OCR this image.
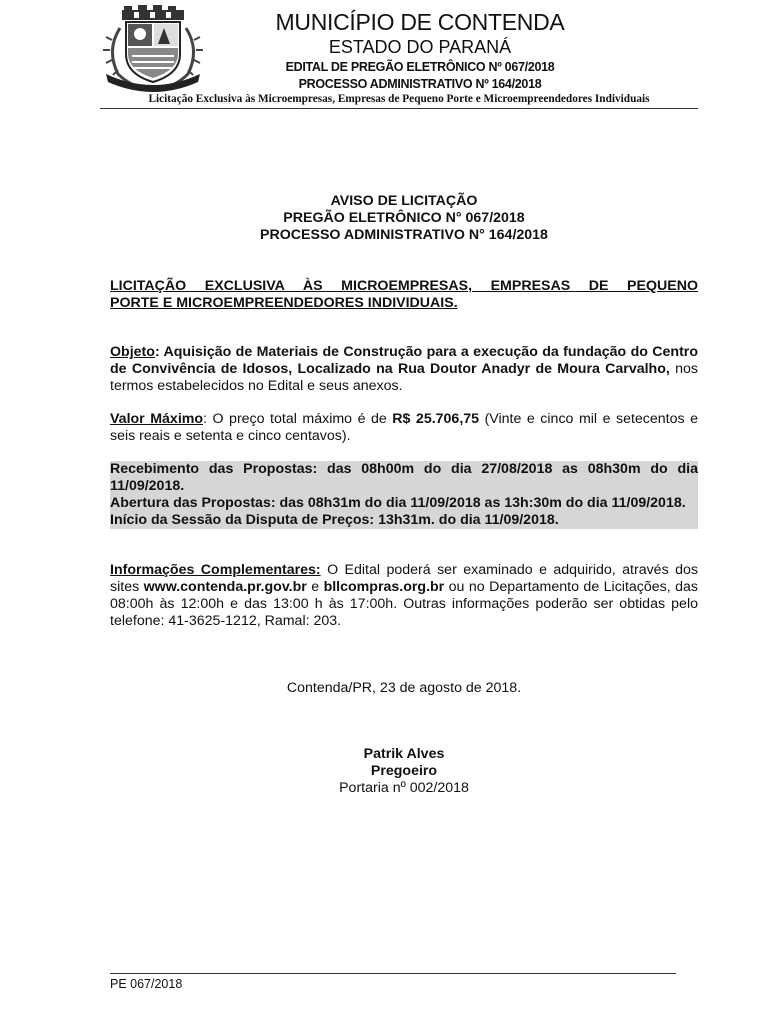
MUNICÍPIO DE CONTENDA
ESTADO DO PARANÁ
EDITAL DE PREGÃO ELETRÔNICO Nº 067/2018
PROCESSO ADMINISTRATIVO Nº 164/2018
Licitação Exclusiva às Microempresas, Empresas de Pequeno Porte e Microempreendedores Individuais
AVISO DE LICITAÇÃO
PREGÃO ELETRÔNICO N° 067/2018
PROCESSO ADMINISTRATIVO N° 164/2018
LICITAÇÃO EXCLUSIVA ÀS MICROEMPRESAS, EMPRESAS DE PEQUENO
PORTE E MICROEMPREENDEDORES INDIVIDUAIS.
Objeto: Aquisição de Materiais de Construção para a execução da fundação do Centro de Convivência de Idosos, Localizado na Rua Doutor Anadyr de Moura Carvalho, nos termos estabelecidos no Edital e seus anexos.
Valor Máximo: O preço total máximo é de R$ 25.706,75 (Vinte e cinco mil e setecentos e seis reais e setenta e cinco centavos).
Recebimento das Propostas: das 08h00m do dia 27/08/2018 as 08h30m do dia 11/09/2018.
Abertura das Propostas: das 08h31m do dia 11/09/2018 as 13h:30m do dia 11/09/2018.
Início da Sessão da Disputa de Preços: 13h31m. do dia 11/09/2018.
Informações Complementares: O Edital poderá ser examinado e adquirido, através dos sites www.contenda.pr.gov.br e bllcompras.org.br ou no Departamento de Licitações, das 08:00h às 12:00h e das 13:00 h às 17:00h. Outras informações poderão ser obtidas pelo telefone: 41-3625-1212, Ramal: 203.
Contenda/PR, 23 de agosto de 2018.
Patrik Alves
Pregoeiro
Portaria nº 002/2018
PE 067/2018
